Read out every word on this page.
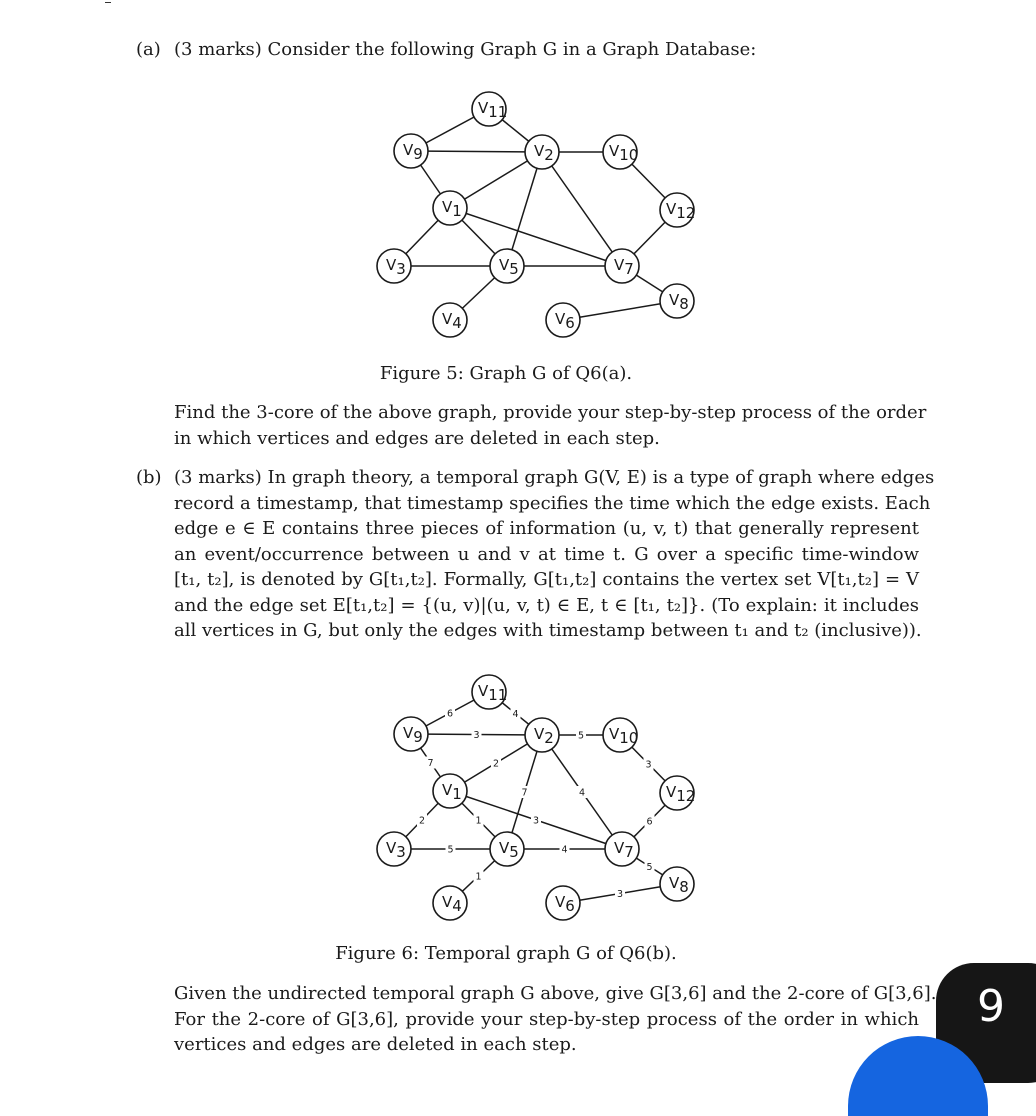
(a) (3 marks) Consider the following Graph G in a Graph Database:
V1
V2
V3
V4
V5
V6
V7
V8
V9	V10
V11
V12
Figure 5: Graph G of Q6(a).
Find the 3-core of the above graph, provide your step-by-step process of the order
in which vertices and edges are deleted in each step.
(b) (3 marks) In graph theory, a temporal graph G(V, E) is a type of graph where edges
record a timestamp, that timestamp specifies the time which the edge exists. Each
edge e ∈ E contains three pieces of information (u, v, t) that generally represent
an event/occurrence between u and v at time t. G over a specific time-window
[t₁, t₂], is denoted by G[t₁,t₂]. Formally, G[t₁,t₂] contains the vertex set V[t₁,t₂] = V
and the edge set E[t₁,t₂] = {(u, v)|(u, v, t) ∈ E, t ∈ [t₁, t₂]}. (To explain: it includes
all vertices in G, but only the edges with timestamp between t₁ and t₂ (inclusive)).
6	4
3
7	2
5
7	4
3
2	1	3
5	4
1
6
5
3
V1
V2
V3
V4
V5
V6
V7
V8
V9	V10
V11
V12
Figure 6: Temporal graph G of Q6(b).
Given the undirected temporal graph G above, give G[3,6] and the 2-core of G[3,6].
For the 2-core of G[3,6], provide your step-by-step process of the order in which
vertices and edges are deleted in each step.
9
